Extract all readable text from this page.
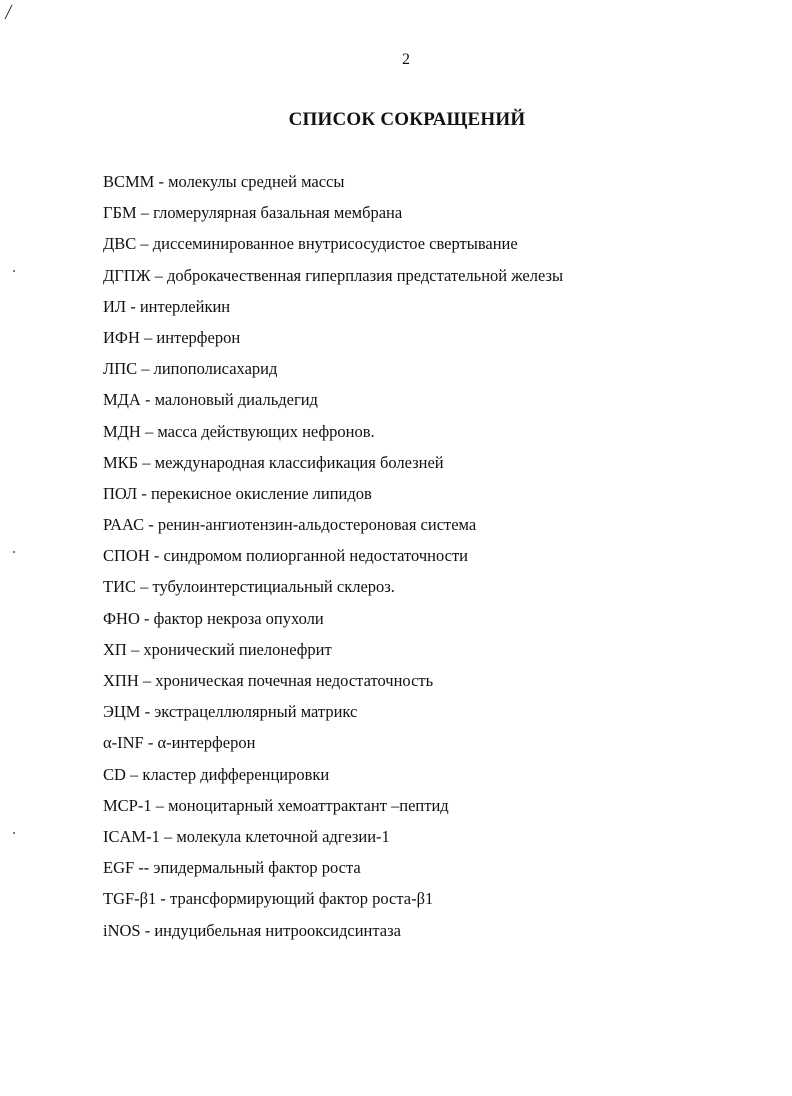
2
СПИСОК СОКРАЩЕНИЙ
ВСММ - молекулы средней массы
ГБМ – гломерулярная базальная мембрана
ДВС – диссеминированное внутрисосудистое свертывание
ДГПЖ – доброкачественная гиперплазия предстательной железы
ИЛ - интерлейкин
ИФН – интерферон
ЛПС – липополисахарид
МДА - малоновый диальдегид
МДН – масса действующих нефронов.
МКБ – международная классификация болезней
ПОЛ - перекисное окисление липидов
РААС - ренин-ангиотензин-альдостероновая система
СПОН - синдромом полиорганной недостаточности
ТИС – тубулоинтерстициальный склероз.
ФНО - фактор некроза опухоли
ХП – хронический пиелонефрит
ХПН – хроническая почечная недостаточность
ЭЦМ - экстрацеллюлярный матрикс
α-INF - α-интерферон
CD – кластер дифференцировки
MCP-1 – моноцитарный хемоаттрактант –пептид
ICAM-1 – молекула клеточной адгезии-1
EGF -- эпидермальный фактор роста
TGF-β1 - трансформирующий фактор роста-β1
iNOS - индуцибельная нитрооксидсинтаза
